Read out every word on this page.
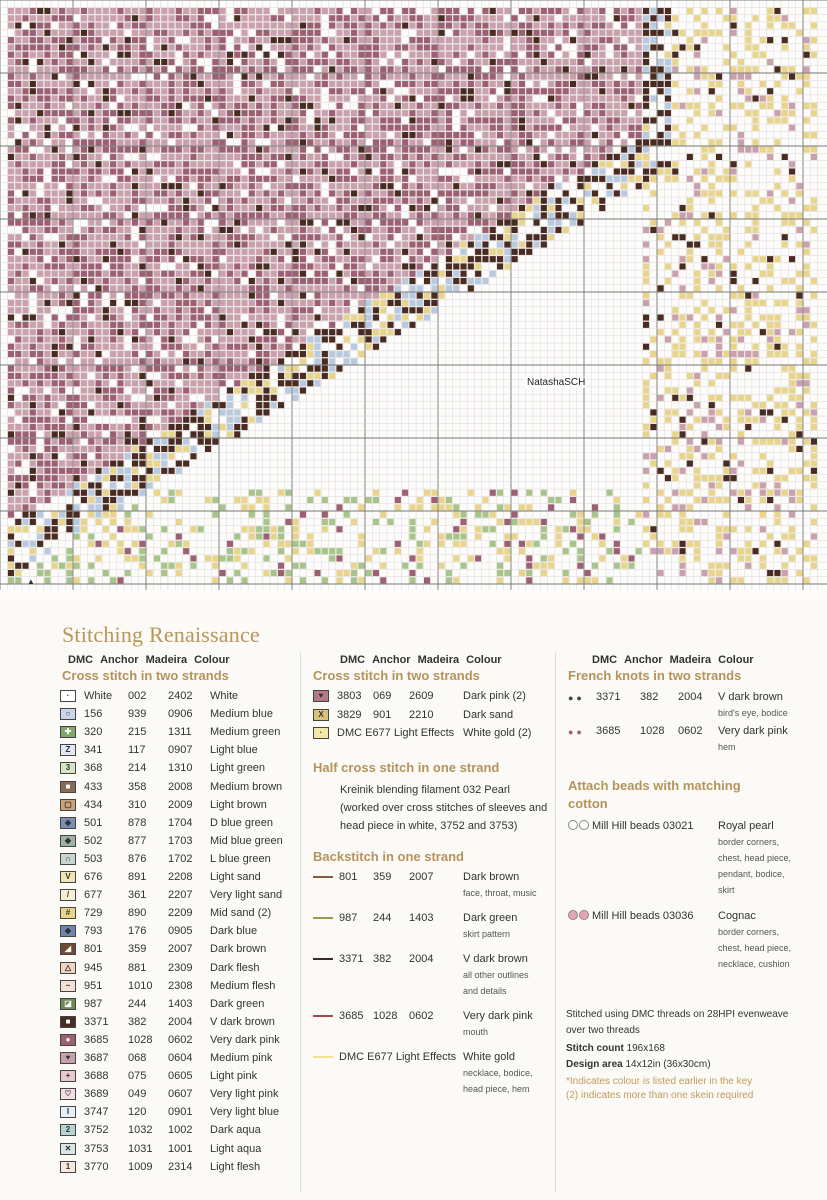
NatashaSCH
▲
Stitching Renaissance
DMC Anchor Madeira Colour
Cross stitch in two strands
·	White 002 2402 White
○	156 939 0906 Medium blue
✚	320 215 1311 Medium green
Z	341 117 0907 Light blue
3	368 214 1310 Light green
■	433 358 2008 Medium brown
▢	434 310 2009 Light brown
◆	501 878 1704 D blue green
◆	502 877 1703 Mid blue green
∩	503 876 1702 L blue green
V	676 891 2208 Light sand
/	677 361 2207 Very light sand
#	729 890 2209 Mid sand (2)
◆	793 176 0905 Dark blue
◢	801 359 2007 Dark brown
△	945 881 2309 Dark flesh
~	951 1010 2308 Medium flesh
◪	987 244 1403 Dark green
■	3371 382 2004 V dark brown
●	3685 1028 0602 Very dark pink
♥	3687 068 0604 Medium pink
+	3688 075 0605 Light pink
♡	3689 049 0607 Very light pink
I	3747 120 0901 Very light blue
2	3752 1032 1002 Dark aqua
✕	3753 1031 1001 Light aqua
1	3770 1009 2314 Light flesh
DMC Anchor Madeira Colour
Cross stitch in two strands
♥	3803 069 2609	Dark pink (2)
X	3829 901 2210	Dark sand
·	DMC E677 Light Effects White gold (2)
Half cross stitch in one strand
Kreinik blending filament 032 Pearl
(worked over cross stitches of sleeves and
head piece in white, 3752 and 3753)
Backstitch in one strand
801 359 2007	Dark brown
face, throat, music
987 244 1403	Dark green
skirt pattern
3371 382 2004	V dark brown
all other outlines
and details
3685 1028 0602	Very dark pink
mouth
DMC E677 Light Effects White gold
necklace, bodice,
head piece, hem
DMC Anchor Madeira Colour
French knots in two strands
●● 3371 382 2004 V dark brown
bird's eye, bodice
●● 3685 1028 0602 Very dark pink
hem
Attach beads with matching
cotton
Mill Hill beads 03021 Royal pearl
border corners,
chest, head piece,
pendant, bodice,
skirt
Mill Hill beads 03036 Cognac
border corners,
chest, head piece,
necklace, cushion
Stitched using DMC threads on 28HPI evenweave
over two threads
Stitch count 196x168
Design area 14x12in (36x30cm)
*Indicates colour is listed earlier in the key
(2) indicates more than one skein required
